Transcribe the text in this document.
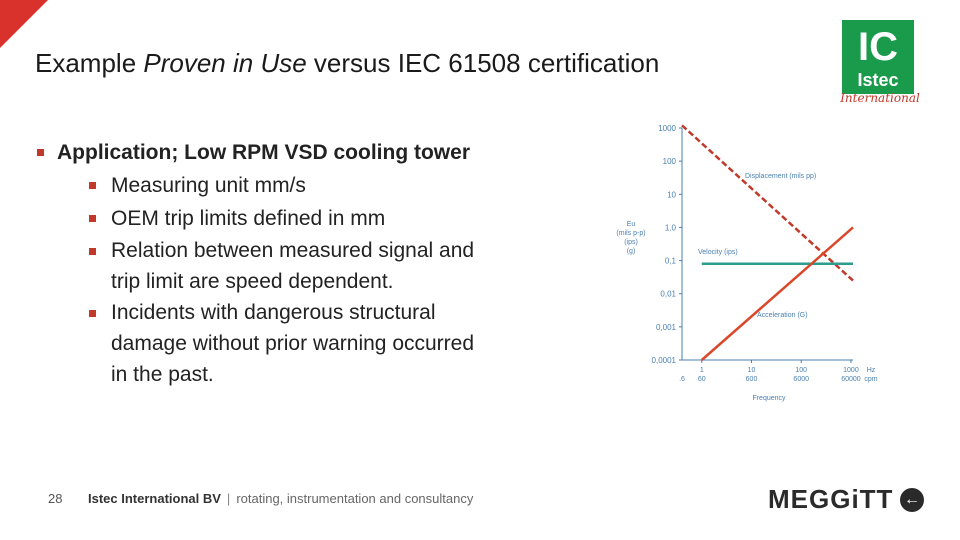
Example Proven in Use versus IEC 61508 certification	IC
Istec
International
Application; Low RPM VSD cooling tower
Measuring unit mm/s
OEM trip limits defined in mm
Relation between measured signal and
trip limit are speed dependent.
Incidents with dangerous structural
damage without prior warning occurred
in the past.
1000
100
10
1.0
0,1
0,01
0,001
0,0001
Eu
(mils p-p)
(ips)
(g)
1	10	100	1000
.6 60	600	6000	60000
Hz
cpm
Frequency
Displacement (mils pp)
Velocity (ips)
Acceleration (G)
28 Istec International BV | rotating, instrumentation and consultancy	MEGGiTT ←
